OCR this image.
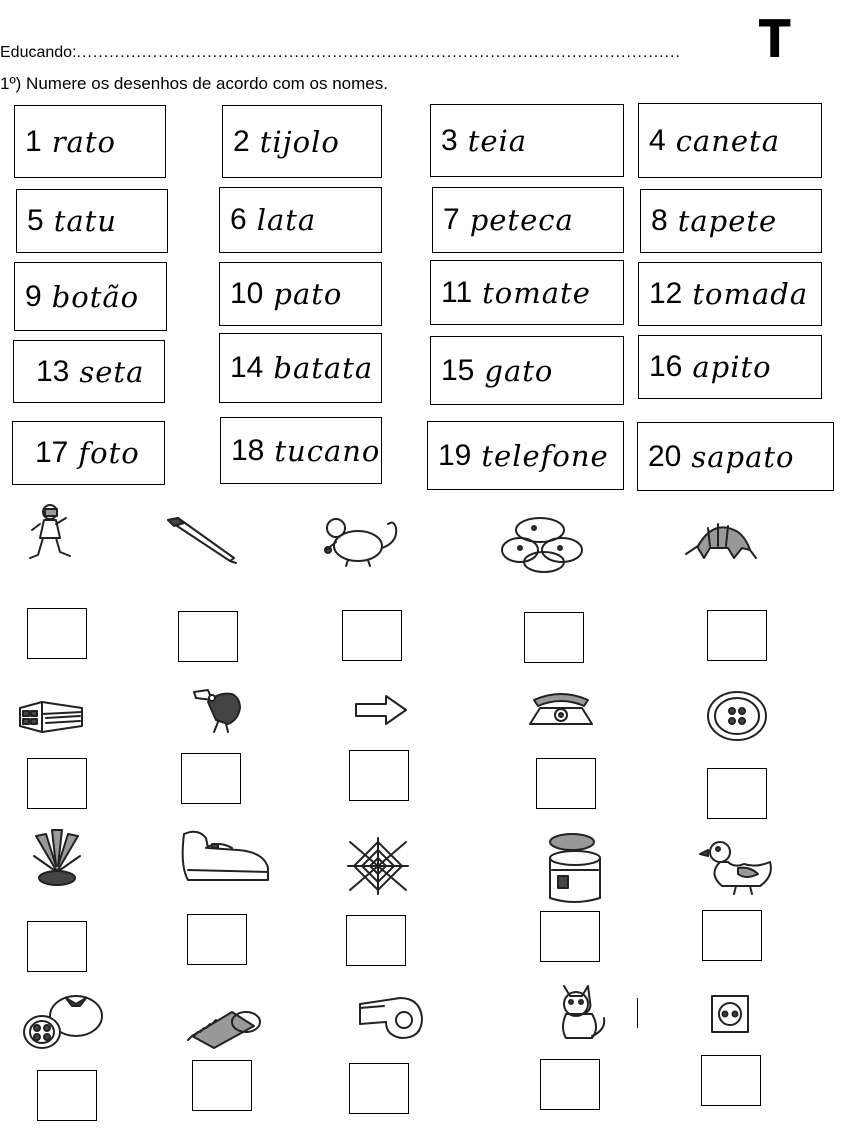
Educando:............................................................................................................... T
1º) Numere os desenhos de acordo com os nomes.
1 rato	2 tijolo	3 teia	4 caneta
5 tatu	6 lata	7 peteca	8 tapete
9 botão	10 pato	11 tomate 12 tomada
13 seta	14 batata 15 gato	16 apito
17 foto	18 tucano 19 telefone 20 sapato
